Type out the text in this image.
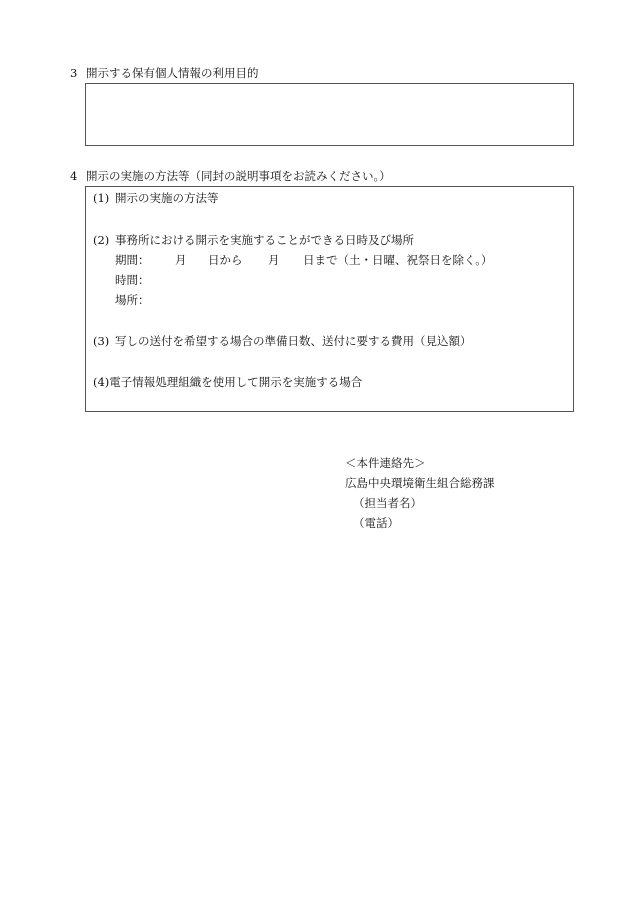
3 開示する保有個人情報の利用目的
4 開示の実施の方法等（同封の説明事項をお読みください。）
(1) 開示の実施の方法等
(2) 事務所における開示を実施することができる日時及び場所
期間： 月 日から 月 日まで（土・日曜、祝祭日を除く。）
時間：
場所：
(3) 写しの送付を希望する場合の準備日数、送付に要する費用（見込額）
(4)電子情報処理組織を使用して開示を実施する場合
＜本件連絡先＞
広島中央環境衛生組合総務課
（担当者名）
（電話）
